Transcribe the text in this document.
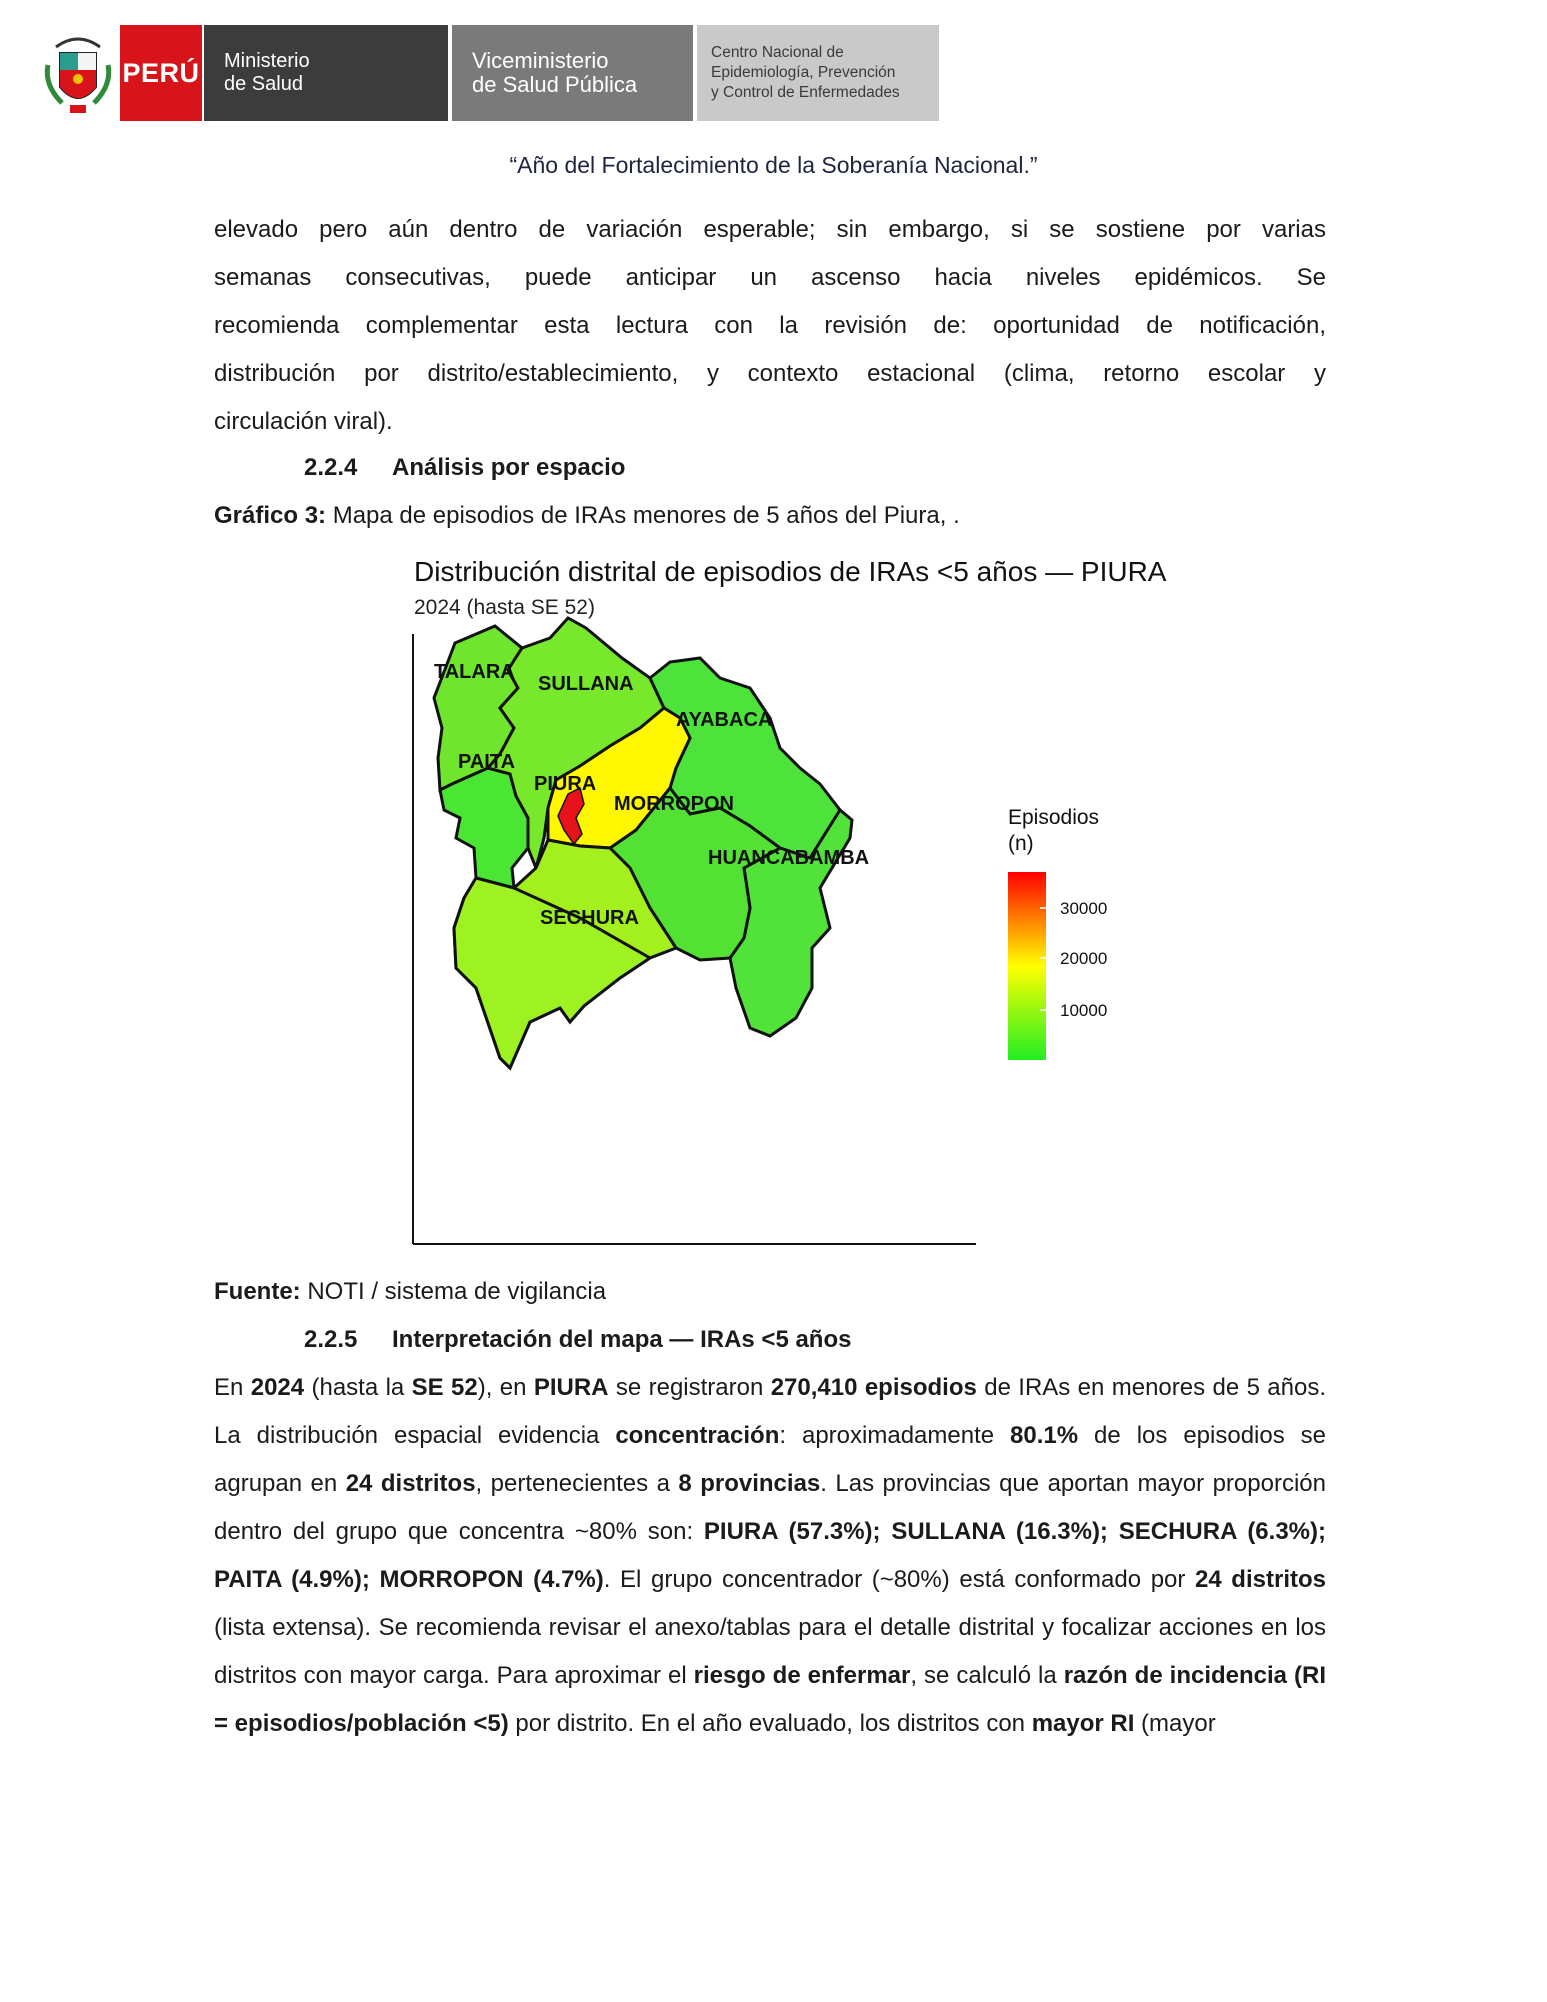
PERÚ Ministerio
de Salud
Viceministerio
de Salud Pública
Centro Nacional de
Epidemiología, Prevención
y Control de Enfermedades
“Año del Fortalecimiento de la Soberanía Nacional.”
elevado pero aún dentro de variación esperable; sin embargo, si se sostiene por varias
semanas consecutivas, puede anticipar un ascenso hacia niveles epidémicos. Se
recomienda complementar esta lectura con la revisión de: oportunidad de notificación,
distribución por distrito/establecimiento, y contexto estacional (clima, retorno escolar y
circulación viral).
2.2.4 Análisis por espacio
Gráfico 3: Mapa de episodios de IRAs menores de 5 años del Piura, .
Distribución distrital de episodios de IRAs <5 años — PIURA
2024 (hasta SE 52)
TALARA
SULLANA
AYABACA
PAITA
PIURA
MORROPON
HUANCABAMBA
SECHURA
Episodios
(n)
30000
20000
10000
Fuente: NOTI / sistema de vigilancia
2.2.5 Interpretación del mapa — IRAs <5 años
En 2024 (hasta la SE 52), en PIURA se registraron 270,410 episodios de IRAs en menores de 5 años. La distribución espacial evidencia concentración: aproximadamente 80.1% de los episodios se agrupan en 24 distritos, pertenecientes a 8 provincias. Las provincias que aportan mayor proporción dentro del grupo que concentra ~80% son: PIURA (57.3%); SULLANA (16.3%); SECHURA (6.3%); PAITA (4.9%); MORROPON (4.7%). El grupo concentrador (~80%) está conformado por 24 distritos (lista extensa). Se recomienda revisar el anexo/tablas para el detalle distrital y focalizar acciones en los distritos con mayor carga. Para aproximar el riesgo de enfermar, se calculó la razón de incidencia (RI = episodios/población <5) por distrito. En el año evaluado, los distritos con mayor RI (mayor
